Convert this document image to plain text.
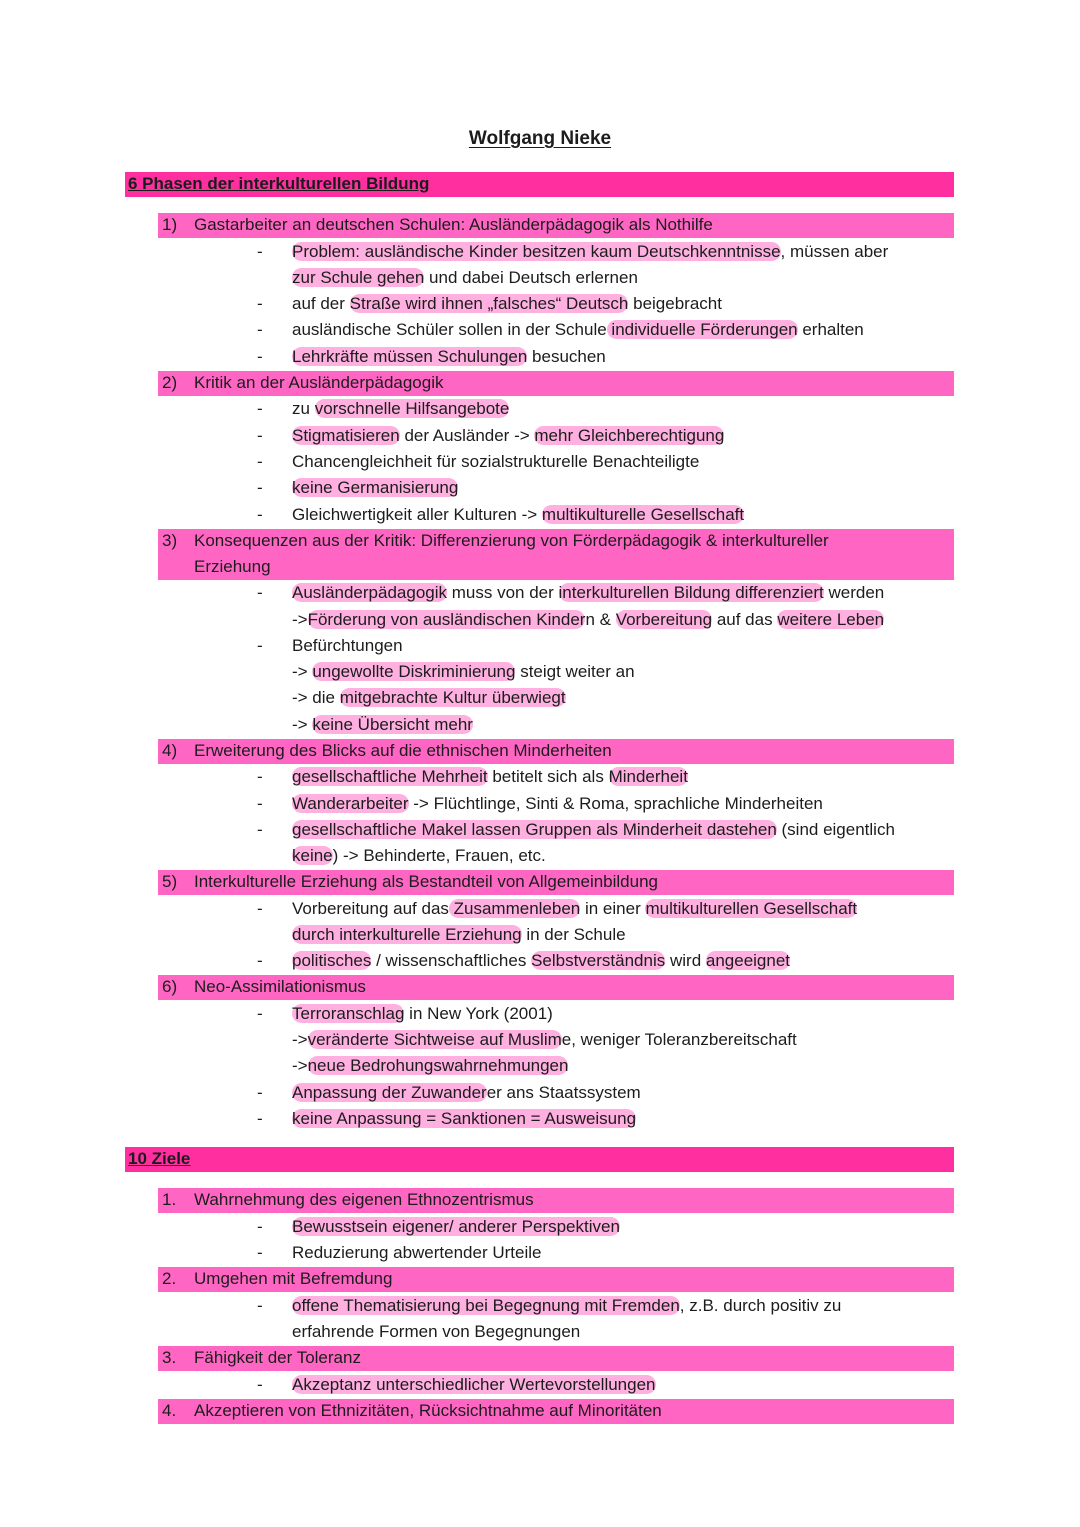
Wolfgang Nieke
6 Phasen der interkulturellen Bildung
1) Gastarbeiter an deutschen Schulen: Ausländerpädagogik als Nothilfe
-	Problem: ausländische Kinder besitzen kaum Deutschkenntnisse, müssen aber
zur Schule gehen und dabei Deutsch erlernen
-	auf der Straße wird ihnen „falsches“ Deutsch beigebracht
-	ausländische Schüler sollen in der Schule individuelle Förderungen erhalten
-	Lehrkräfte müssen Schulungen besuchen
2) Kritik an der Ausländerpädagogik
-	zu vorschnelle Hilfsangebote
-	Stigmatisieren der Ausländer -> mehr Gleichberechtigung
-	Chancengleichheit für sozialstrukturelle Benachteiligte
-	keine Germanisierung
-	Gleichwertigkeit aller Kulturen -> multikulturelle Gesellschaft
3) Konsequenzen aus der Kritik: Differenzierung von Förderpädagogik & interkultureller
Erziehung
-	Ausländerpädagogik muss von der interkulturellen Bildung differenziert werden
->Förderung von ausländischen Kindern & Vorbereitung auf das weitere Leben
-	Befürchtungen
-> ungewollte Diskriminierung steigt weiter an
-> die mitgebrachte Kultur überwiegt
-> keine Übersicht mehr
4) Erweiterung des Blicks auf die ethnischen Minderheiten
-	gesellschaftliche Mehrheit betitelt sich als Minderheit
-	Wanderarbeiter -> Flüchtlinge, Sinti & Roma, sprachliche Minderheiten
-	gesellschaftliche Makel lassen Gruppen als Minderheit dastehen (sind eigentlich
keine) -> Behinderte, Frauen, etc.
5) Interkulturelle Erziehung als Bestandteil von Allgemeinbildung
-	Vorbereitung auf das Zusammenleben in einer multikulturellen Gesellschaft
durch interkulturelle Erziehung in der Schule
-	politisches / wissenschaftliches Selbstverständnis wird angeeignet
6) Neo-Assimilationismus
-	Terroranschlag in New York (2001)
->veränderte Sichtweise auf Muslime, weniger Toleranzbereitschaft
->neue Bedrohungswahrnehmungen
-	Anpassung der Zuwanderer ans Staatssystem
-	keine Anpassung = Sanktionen = Ausweisung
10 Ziele
1.	Wahrnehmung des eigenen Ethnozentrismus
-	Bewusstsein eigener/ anderer Perspektiven
-	Reduzierung abwertender Urteile
2.	Umgehen mit Befremdung
-	offene Thematisierung bei Begegnung mit Fremden, z.B. durch positiv zu
erfahrende Formen von Begegnungen
3.	Fähigkeit der Toleranz
-	Akzeptanz unterschiedlicher Wertevorstellungen
4.	Akzeptieren von Ethnizitäten, Rücksichtnahme auf Minoritäten
